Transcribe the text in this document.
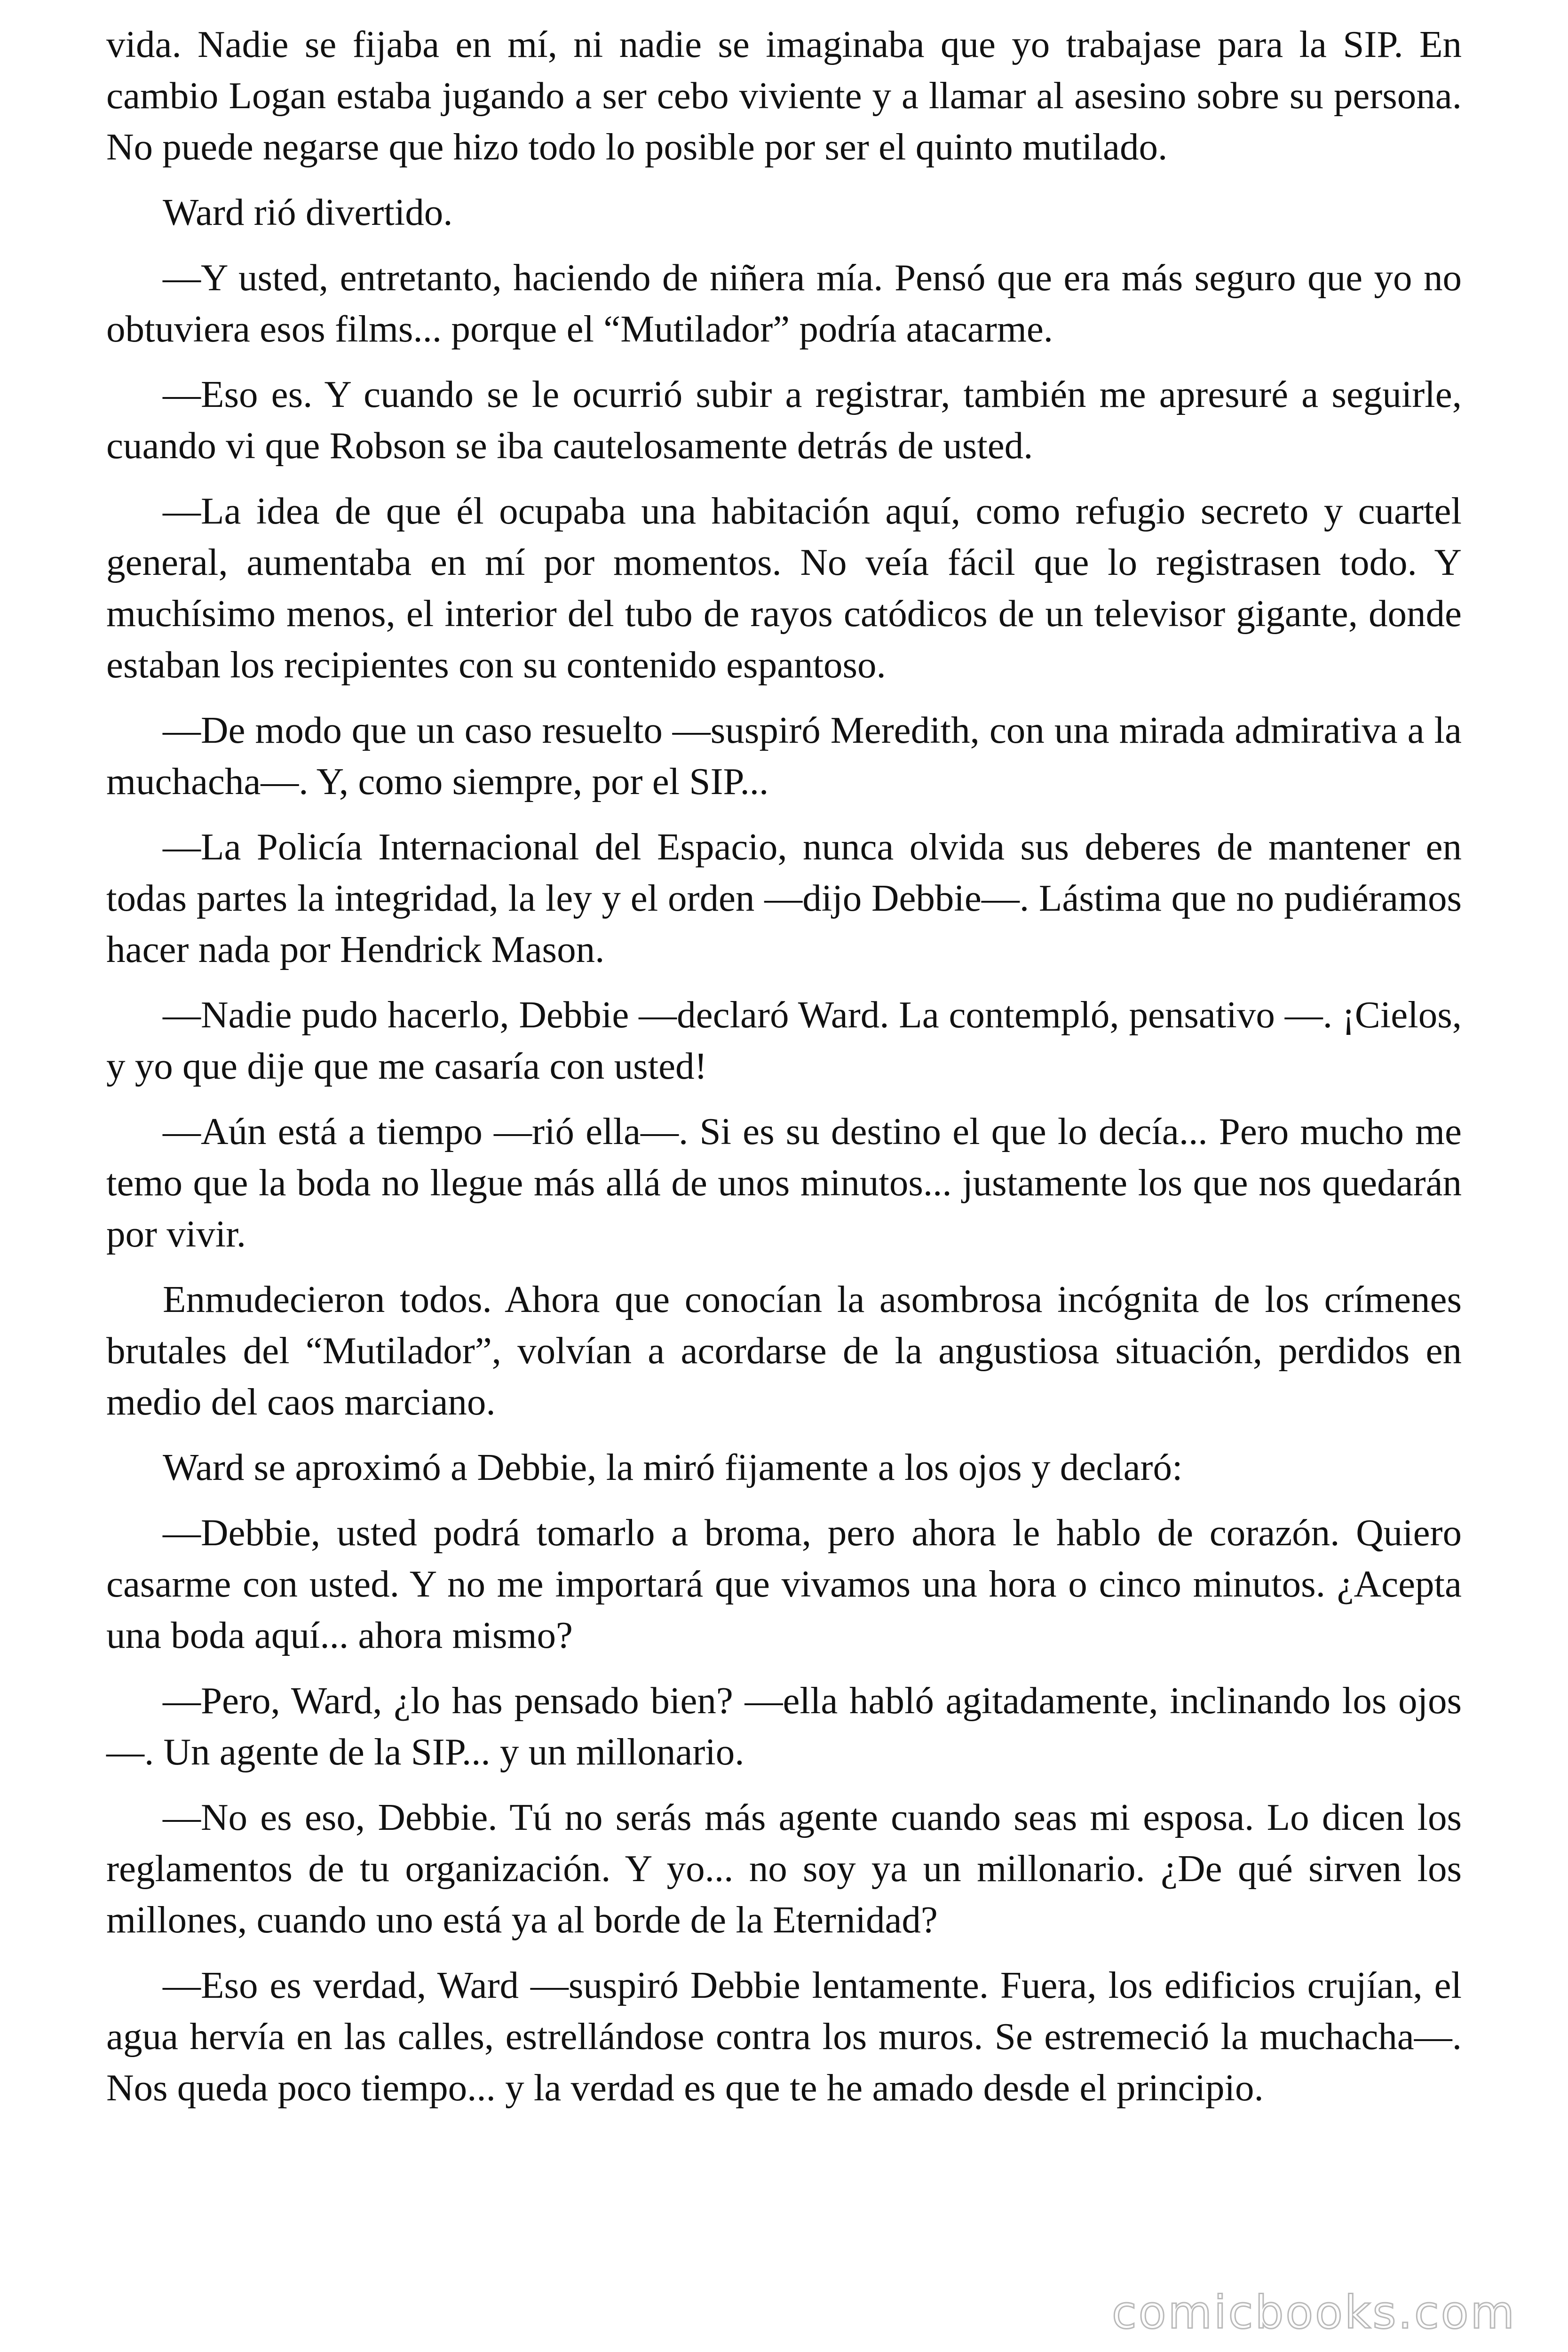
vida. Nadie se fijaba en mí, ni nadie se imaginaba que yo trabajase para la SIP. En cambio Logan estaba jugando a ser cebo viviente y a llamar al asesino sobre su persona. No puede negarse que hizo todo lo posible por ser el quinto mutilado.

Ward rió divertido.

—Y usted, entretanto, haciendo de niñera mía. Pensó que era más seguro que yo no obtuviera esos films... porque el “Mutilador” podría atacarme.

—Eso es. Y cuando se le ocurrió subir a registrar, también me apresuré a seguirle, cuando vi que Robson se iba cautelosamente detrás de usted.

—La idea de que él ocupaba una habitación aquí, como refugio secreto y cuartel general, aumentaba en mí por momentos. No veía fácil que lo registrasen todo. Y muchísimo menos, el interior del tubo de rayos catódicos de un televisor gigante, donde estaban los recipientes con su contenido espantoso.

—De modo que un caso resuelto —suspiró Meredith, con una mirada admirativa a la muchacha—. Y, como siempre, por el SIP...

—La Policía Internacional del Espacio, nunca olvida sus deberes de mantener en todas partes la integridad, la ley y el orden —dijo Debbie—. Lástima que no pudiéramos hacer nada por Hendrick Mason.

—Nadie pudo hacerlo, Debbie —declaró Ward. La contempló, pensativo —. ¡Cielos, y yo que dije que me casaría con usted!

—Aún está a tiempo —rió ella—. Si es su destino el que lo decía... Pero mucho me temo que la boda no llegue más allá de unos minutos... justamente los que nos quedarán por vivir.

Enmudecieron todos. Ahora que conocían la asombrosa incógnita de los crímenes brutales del “Mutilador”, volvían a acordarse de la angustiosa situación, perdidos en medio del caos marciano.

Ward se aproximó a Debbie, la miró fijamente a los ojos y declaró:

—Debbie, usted podrá tomarlo a broma, pero ahora le hablo de corazón. Quiero casarme con usted. Y no me importará que vivamos una hora o cinco minutos. ¿Acepta una boda aquí... ahora mismo?

—Pero, Ward, ¿lo has pensado bien? —ella habló agitadamente, inclinando los ojos—. Un agente de la SIP... y un millonario.

—No es eso, Debbie. Tú no serás más agente cuando seas mi esposa. Lo dicen los reglamentos de tu organización. Y yo... no soy ya un millonario. ¿De qué sirven los millones, cuando uno está ya al borde de la Eternidad?

—Eso es verdad, Ward —suspiró Debbie lentamente. Fuera, los edificios crujían, el agua hervía en las calles, estrellándose contra los muros. Se estremeció la muchacha—. Nos queda poco tiempo... y la verdad es que te he amado desde el principio.

comicbooks.com
